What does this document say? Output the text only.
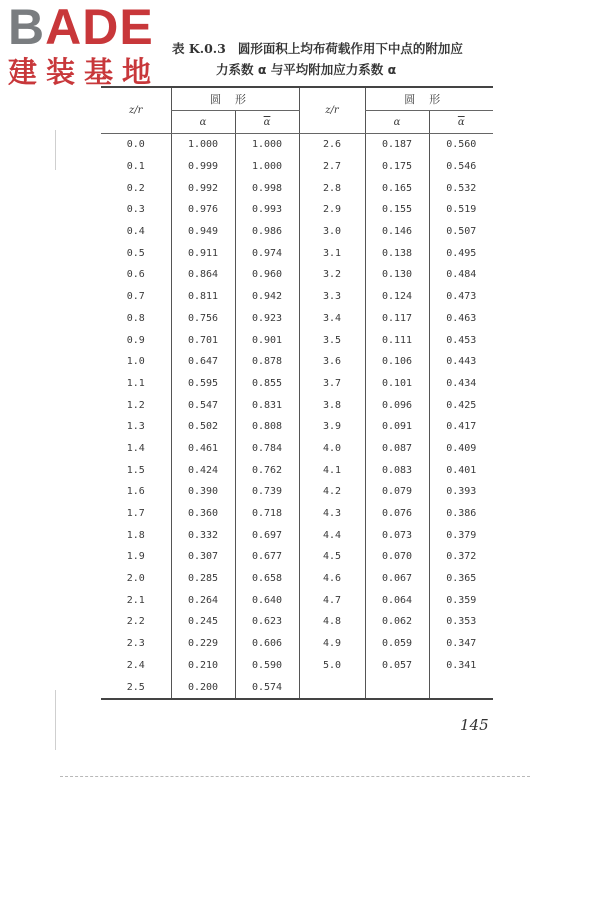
BADE
建装基地
表 K.0.3 圆形面积上均布荷载作用下中点的附加应
力系数 α 与平均附加应力系数 α
z/r	圆形		z/r	圆形	
	α	$\overline{\alpha}$		α	$\overline{\alpha}$
0.0	1.000	1.000	2.6	0.187	0.560
0.1	0.999	1.000	2.7	0.175	0.546
0.2	0.992	0.998	2.8	0.165	0.532
0.3	0.976	0.993	2.9	0.155	0.519
0.4	0.949	0.986	3.0	0.146	0.507
0.5	0.911	0.974	3.1	0.138	0.495
0.6	0.864	0.960	3.2	0.130	0.484
0.7	0.811	0.942	3.3	0.124	0.473
0.8	0.756	0.923	3.4	0.117	0.463
0.9	0.701	0.901	3.5	0.111	0.453
1.0	0.647	0.878	3.6	0.106	0.443
1.1	0.595	0.855	3.7	0.101	0.434
1.2	0.547	0.831	3.8	0.096	0.425
1.3	0.502	0.808	3.9	0.091	0.417
1.4	0.461	0.784	4.0	0.087	0.409
1.5	0.424	0.762	4.1	0.083	0.401
1.6	0.390	0.739	4.2	0.079	0.393
1.7	0.360	0.718	4.3	0.076	0.386
1.8	0.332	0.697	4.4	0.073	0.379
1.9	0.307	0.677	4.5	0.070	0.372
2.0	0.285	0.658	4.6	0.067	0.365
2.1	0.264	0.640	4.7	0.064	0.359
2.2	0.245	0.623	4.8	0.062	0.353
2.3	0.229	0.606	4.9	0.059	0.347
2.4	0.210	0.590	5.0	0.057	0.341
2.5	0.200	0.574			
145
